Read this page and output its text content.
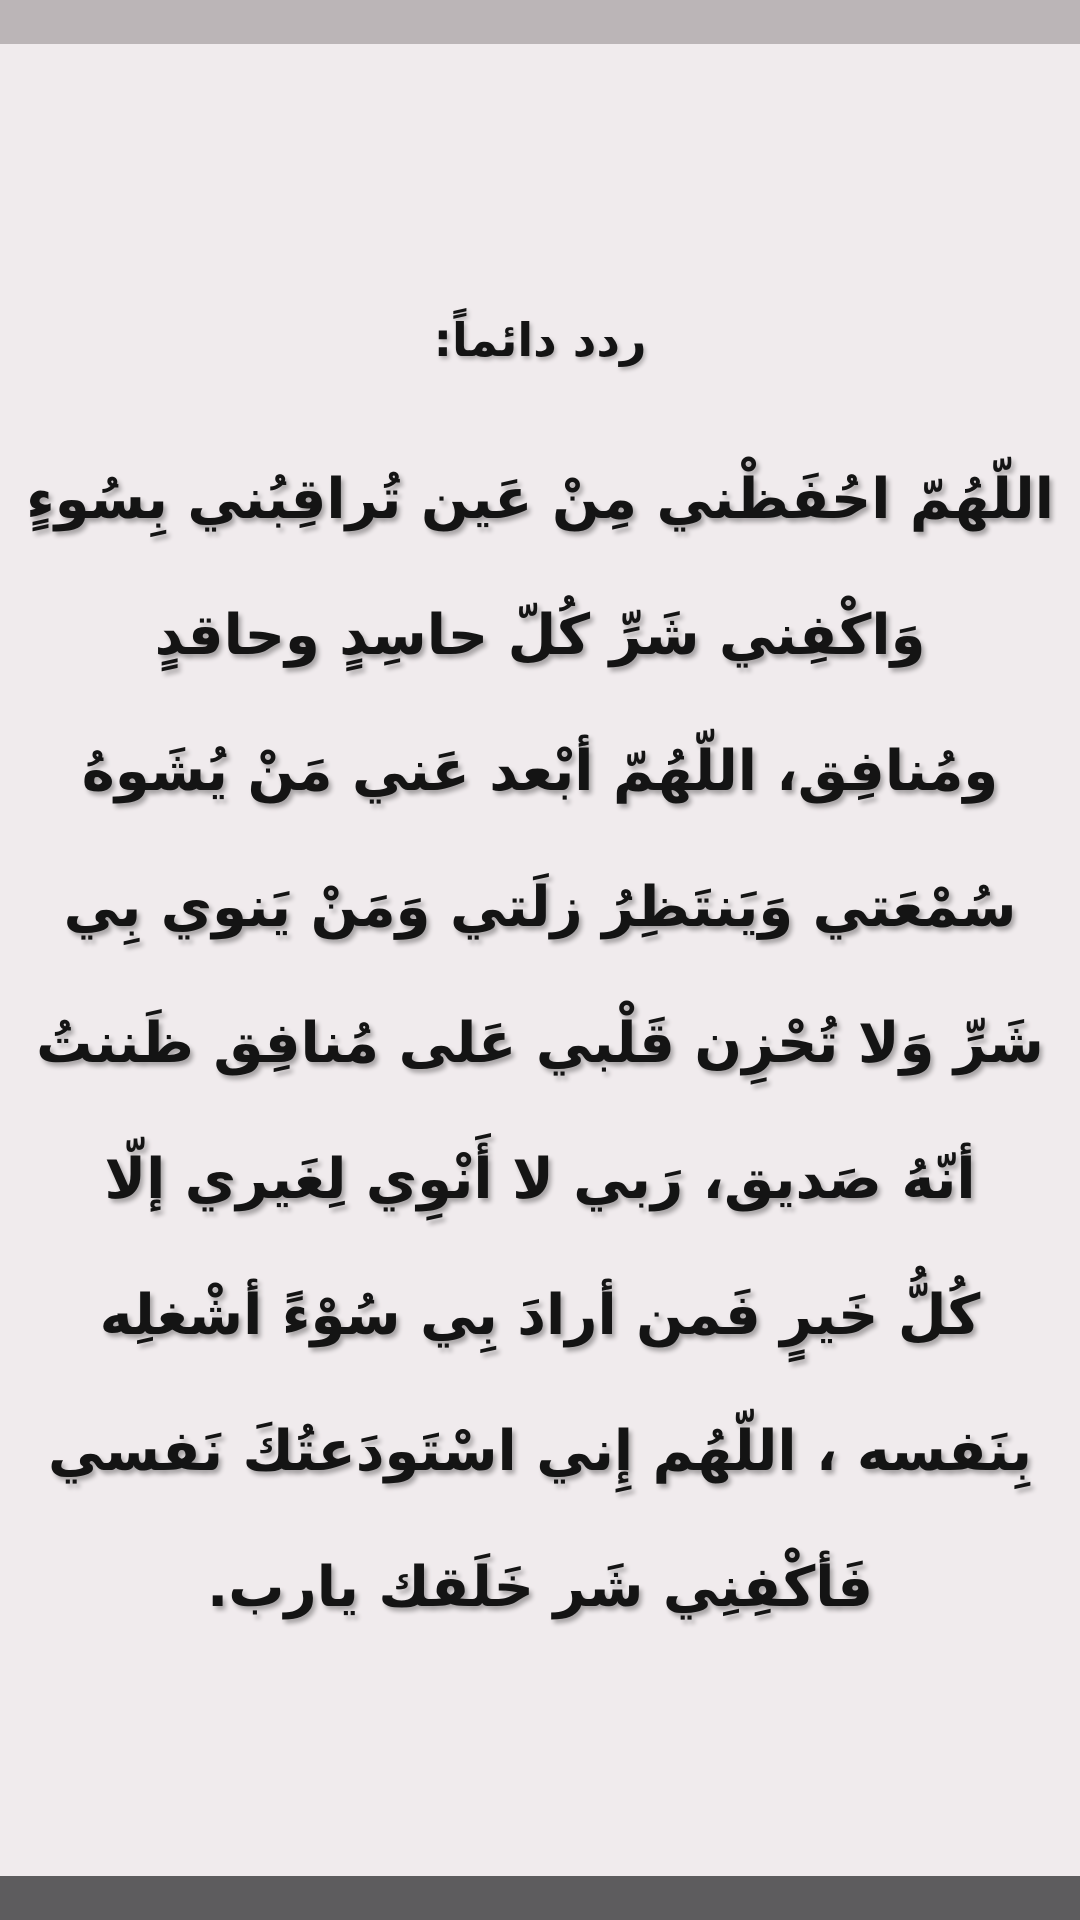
ردد دائماً:
اللّهُمّ احُفَظْني مِنْ عَين تُراقِبُني بِسُوءٍ
وَاكْفِني شَرِّ كُلّ حاسِدٍ وحاقدٍ
ومُنافِق، اللّهُمّ أبْعد عَني مَنْ يُشَوهُ
سُمْعَتي وَيَنتَظِرُ زلَتي وَمَنْ يَنوي بِي
شَرِّ وَلا تُحْزِن قَلْبي عَلى مُنافِق ظَننتُ
أنّهُ صَديق، رَبي لا أَنْوِي لِغَيري إلّا
كُلُّ خَيرٍ فَمن أرادَ بِي سُوْءً أشْغلِه
بِنَفسه ، اللّهُم إِني اسْتَودَعتُكَ نَفسي
فَأكْفِنِي شَر خَلَقك يارب.
